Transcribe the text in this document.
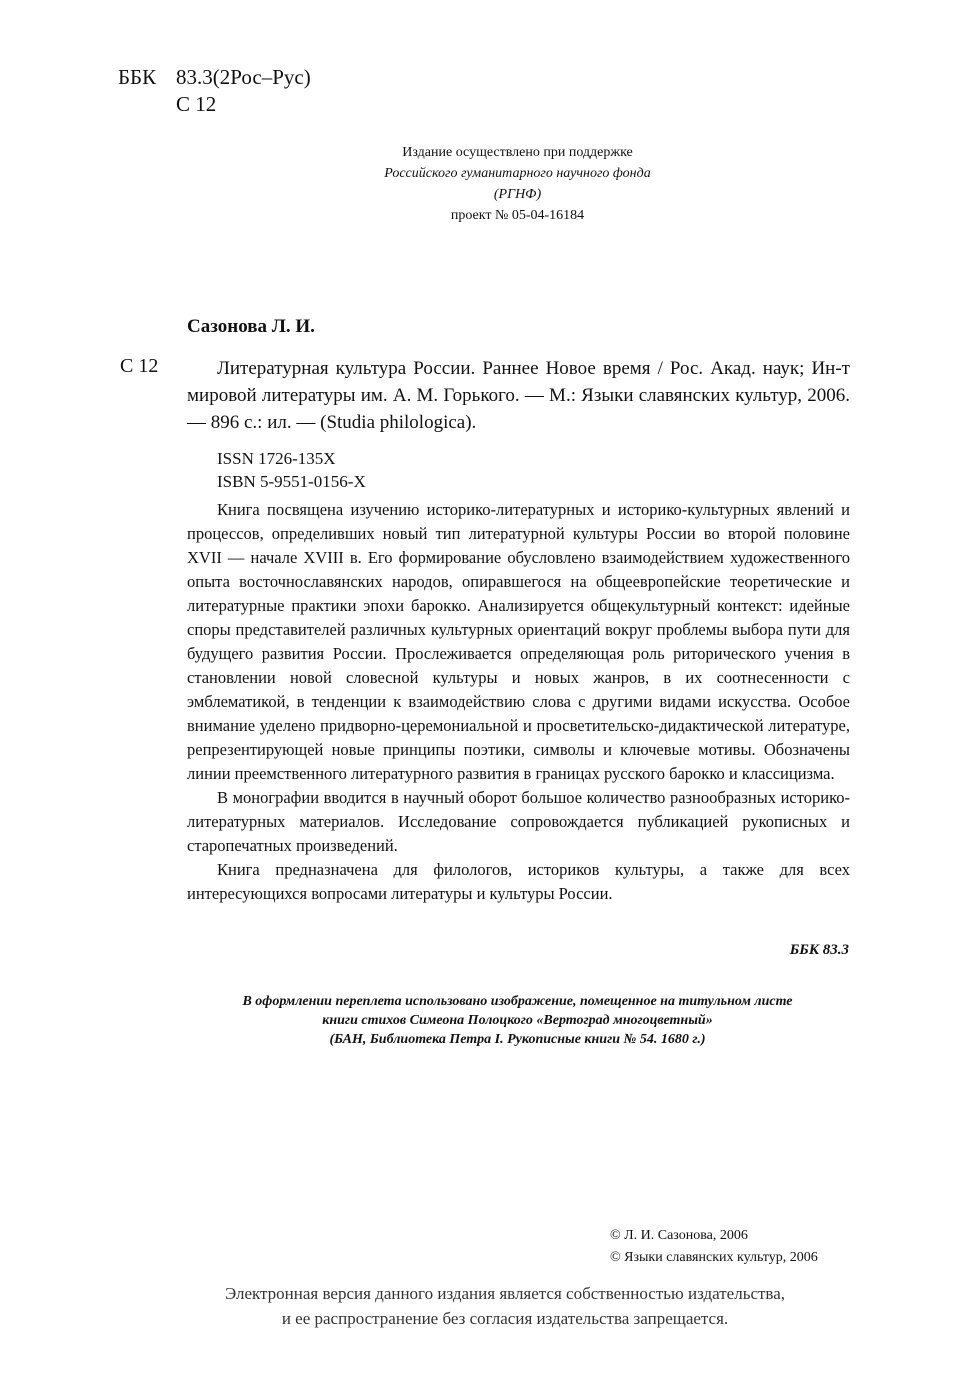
ББК 83.3(2Рос–Рус)
С 12
Издание осуществлено при поддержке
Российского гуманитарного научного фонда
(РГНФ)
проект № 05-04-16184
Сазонова Л. И.
С 12	Литературная культура России. Раннее Новое время / Рос. Акад. наук; Ин-т мировой литературы им. А. М. Горького. — М.: Языки славянских культур, 2006. — 896 с.: ил. — (Studia philologica).

ISSN 1726-135X
ISBN 5-9551-0156-X

Книга посвящена изучению историко-литературных и историко-культурных явлений и процессов, определивших новый тип литературной культуры России во второй половине XVII — начале XVIII в. Его формирование обусловлено взаимодействием художественного опыта восточнославянских народов, опиравшегося на общеевропейские теоретические и литературные практики эпохи барокко. Анализируется общекультурный контекст: идейные споры представителей различных культурных ориентаций вокруг проблемы выбора пути для будущего развития России. Прослеживается определяющая роль риторического учения в становлении новой словесной культуры и новых жанров, в их соотнесенности с эмблематикой, в тенденции к взаимодействию слова с другими видами искусства. Особое внимание уделено придворно-церемониальной и просветительско-дидактической литературе, репрезентирующей новые принципы поэтики, символы и ключевые мотивы. Обозначены линии преемственного литературного развития в границах русского барокко и классицизма.

В монографии вводится в научный оборот большое количество разнообразных историко-литературных материалов. Исследование сопровождается публикацией рукописных и старопечатных произведений.

Книга предназначена для филологов, историков культуры, а также для всех интересующихся вопросами литературы и культуры России.

ББК 83.3
В оформлении переплета использовано изображение, помещенное на титульном листе
книги стихов Симеона Полоцкого «Вертоград многоцветный»
(БАН, Библиотека Петра I. Рукописные книги № 54. 1680 г.)
© Л. И. Сазонова, 2006
© Языки славянских культур, 2006
Электронная версия данного издания является собственностью издательства,
и ее распространение без согласия издательства запрещается.
